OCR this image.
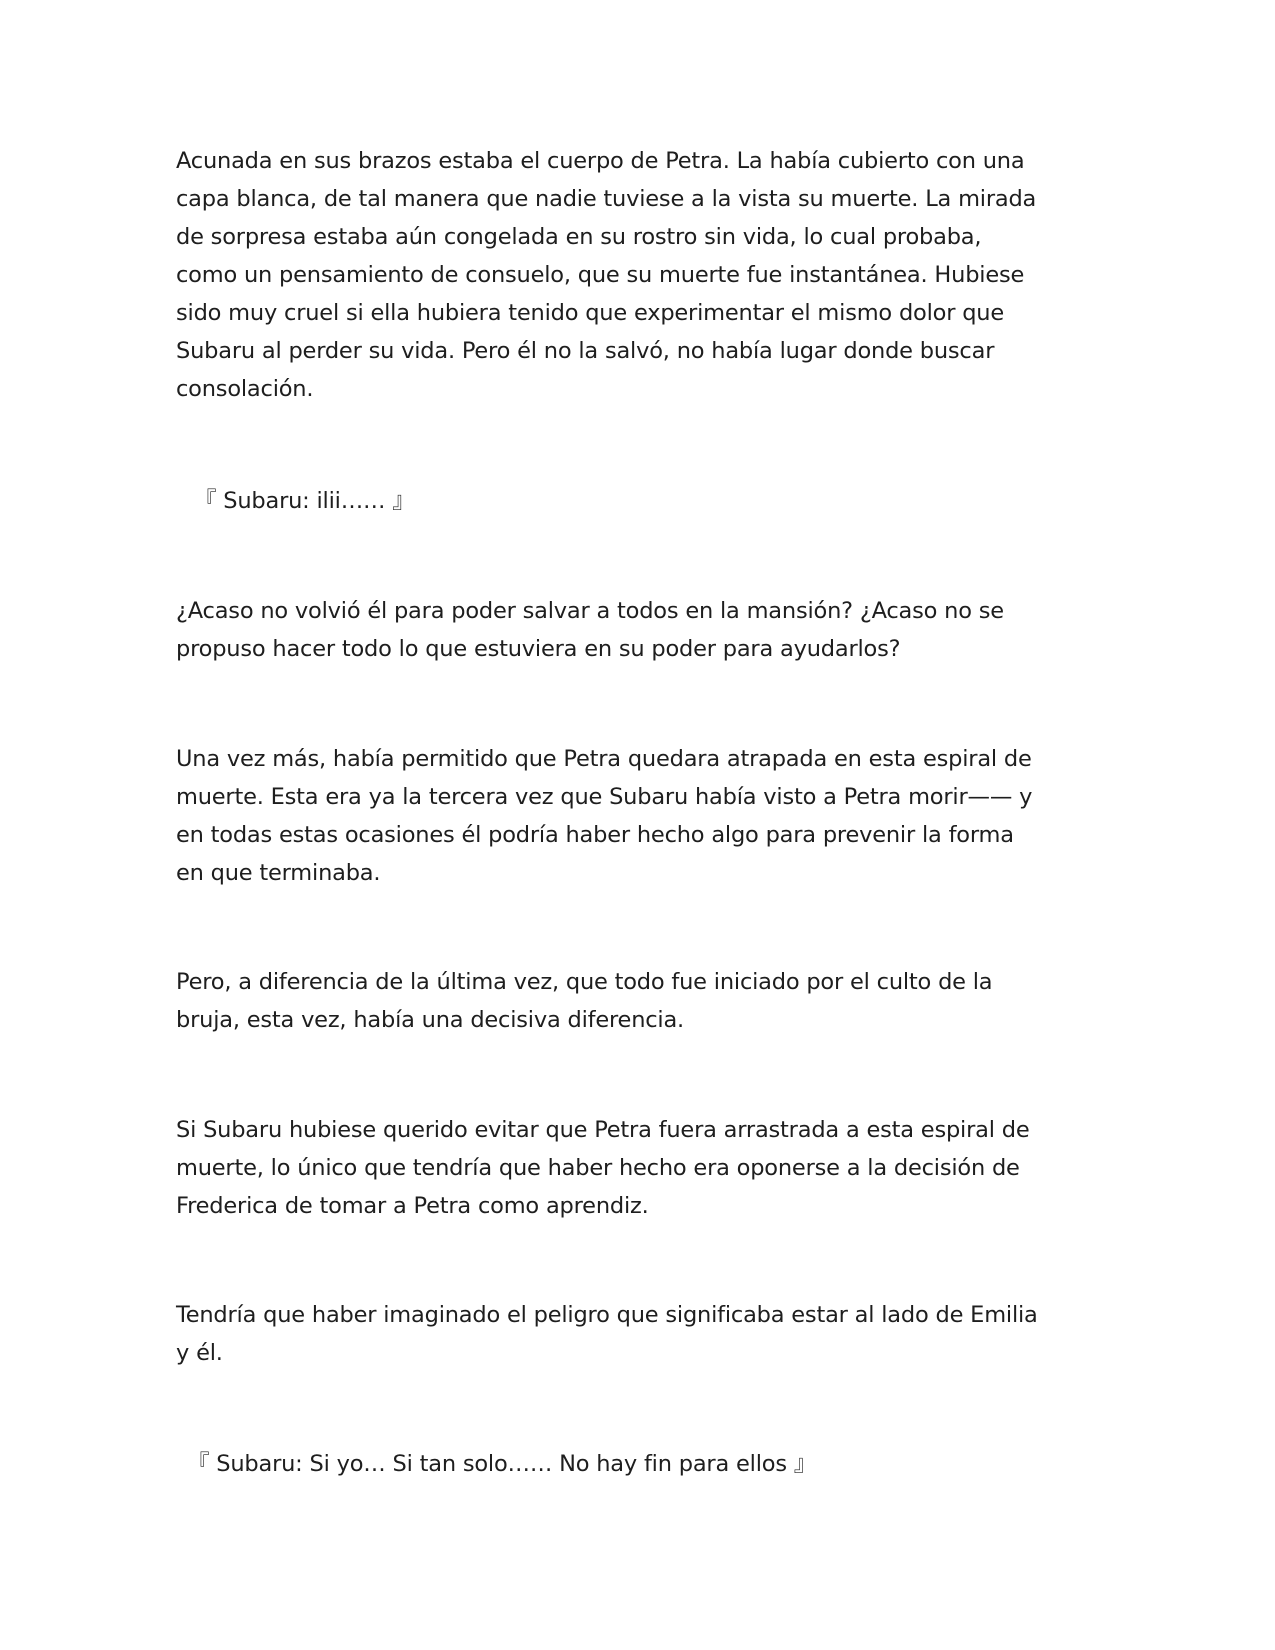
Acunada en sus brazos estaba el cuerpo de Petra. La había cubierto con una
capa blanca, de tal manera que nadie tuviese a la vista su muerte. La mirada
de sorpresa estaba aún congelada en su rostro sin vida, lo cual probaba,
como un pensamiento de consuelo, que su muerte fue instantánea. Hubiese
sido muy cruel si ella hubiera tenido que experimentar el mismo dolor que
Subaru al perder su vida. Pero él no la salvó, no había lugar donde buscar
consolación.

『 Subaru: ilii…… 』

¿Acaso no volvió él para poder salvar a todos en la mansión? ¿Acaso no se
propuso hacer todo lo que estuviera en su poder para ayudarlos?

Una vez más, había permitido que Petra quedara atrapada en esta espiral de
muerte. Esta era ya la tercera vez que Subaru había visto a Petra morir—— y
en todas estas ocasiones él podría haber hecho algo para prevenir la forma
en que terminaba.

Pero, a diferencia de la última vez, que todo fue iniciado por el culto de la
bruja, esta vez, había una decisiva diferencia.

Si Subaru hubiese querido evitar que Petra fuera arrastrada a esta espiral de
muerte, lo único que tendría que haber hecho era oponerse a la decisión de
Frederica de tomar a Petra como aprendiz.

Tendría que haber imaginado el peligro que significaba estar al lado de Emilia
y él.

『 Subaru: Si yo… Si tan solo…… No hay fin para ellos 』
